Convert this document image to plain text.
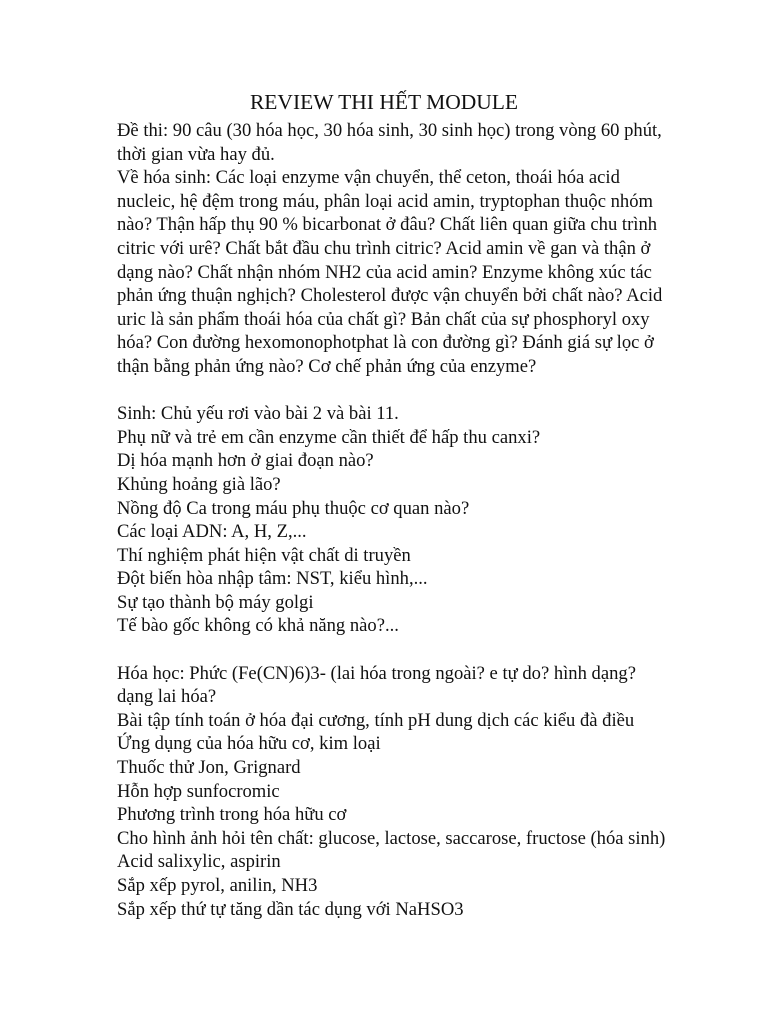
REVIEW THI HẾT MODULE
Đề thi: 90 câu (30 hóa học, 30 hóa sinh, 30 sinh học) trong vòng 60 phút,
thời gian vừa hay đủ.
Về hóa sinh: Các loại enzyme vận chuyển, thể ceton, thoái hóa acid
nucleic, hệ đệm trong máu, phân loại acid amin, tryptophan thuộc nhóm
nào? Thận hấp thụ 90 % bicarbonat ở đâu? Chất liên quan giữa chu trình
citric với urê? Chất bắt đầu chu trình citric? Acid amin về gan và thận ở
dạng nào? Chất nhận nhóm NH2 của acid amin? Enzyme không xúc tác
phản ứng thuận nghịch? Cholesterol được vận chuyển bởi chất nào? Acid
uric là sản phẩm thoái hóa của chất gì? Bản chất của sự phosphoryl oxy
hóa? Con đường hexomonophotphat là con đường gì? Đánh giá sự lọc ở
thận bằng phản ứng nào? Cơ chế phản ứng của enzyme?
Sinh: Chủ yếu rơi vào bài 2 và bài 11.
Phụ nữ và trẻ em cần enzyme cần thiết để hấp thu canxi?
Dị hóa mạnh hơn ở giai đoạn nào?
Khủng hoảng già lão?
Nồng độ Ca trong máu phụ thuộc cơ quan nào?
Các loại ADN: A, H, Z,...
Thí nghiệm phát hiện vật chất di truyền
Đột biến hòa nhập tâm: NST, kiểu hình,...
Sự tạo thành bộ máy golgi
Tế bào gốc không có khả năng nào?...
Hóa học: Phức (Fe(CN)6)3- (lai hóa trong ngoài? e tự do? hình dạng?
dạng lai hóa?
Bài tập tính toán ở hóa đại cương, tính pH dung dịch các kiểu đà điều
Ứng dụng của hóa hữu cơ, kim loại
Thuốc thử Jon, Grignard
Hỗn hợp sunfocromic
Phương trình trong hóa hữu cơ
Cho hình ảnh hỏi tên chất: glucose, lactose, saccarose, fructose (hóa sinh)
Acid salixylic, aspirin
Sắp xếp pyrol, anilin, NH3
Sắp xếp thứ tự tăng dần tác dụng với NaHSO3
